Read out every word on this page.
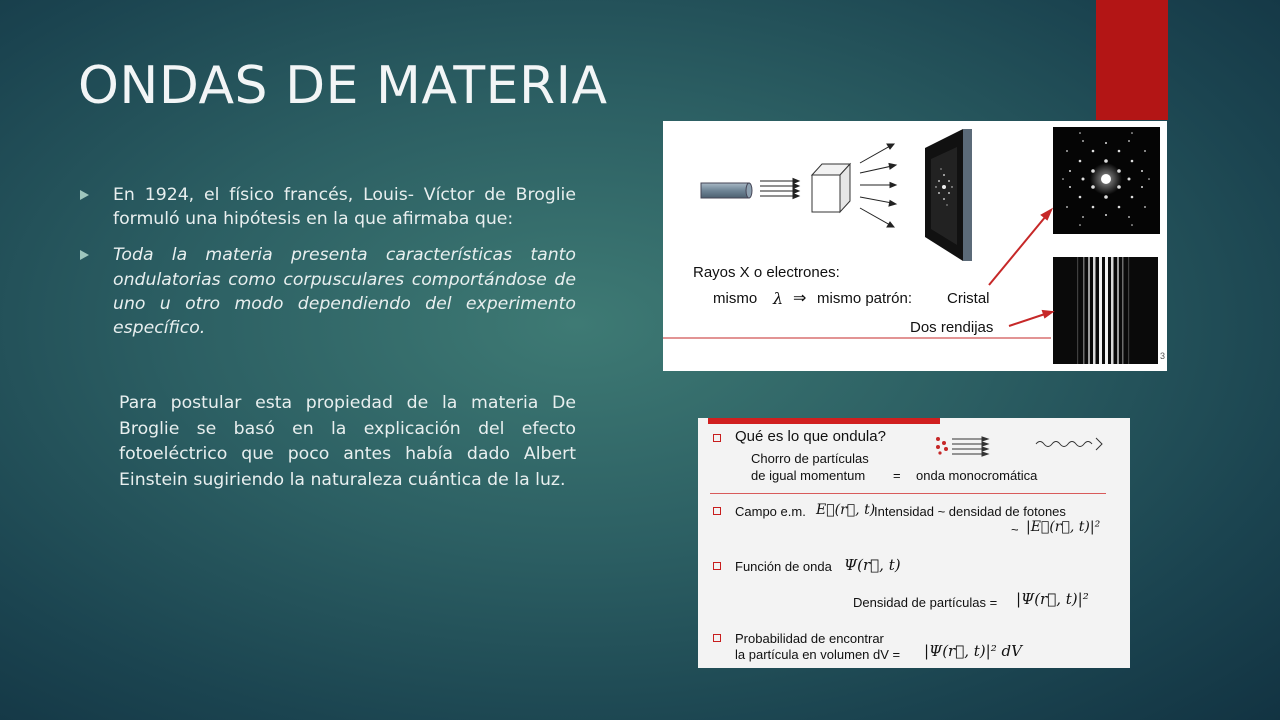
ONDAS DE MATERIA
En 1924, el físico francés, Louis- Víctor de Broglie formuló una hipótesis en la que afirmaba que:
Toda la materia presenta características tanto ondulatorias como corpusculares comportándose de uno u otro modo dependiendo del experimento específico.
Para postular esta propiedad de la materia De Broglie se basó en la explicación del efecto fotoeléctrico que poco antes había dado Albert Einstein sugiriendo la naturaleza cuántica de la luz.
Rayos X o electrones:
mismo λ ⇒ mismo patrón: Cristal
Dos rendijas
3
Qué es lo que ondula?
Chorro de partículas
de igual momentum = onda monocromática
Campo e.m. E⃗(r⃗, t)
Intensidad ~ densidad de fotones
~ |E⃗(r⃗, t)|²
Función de onda Ψ(r⃗, t)
Densidad de partículas = |Ψ(r⃗, t)|²
Probabilidad de encontrar
la partícula en volumen dV = |Ψ(r⃗, t)|² dV
